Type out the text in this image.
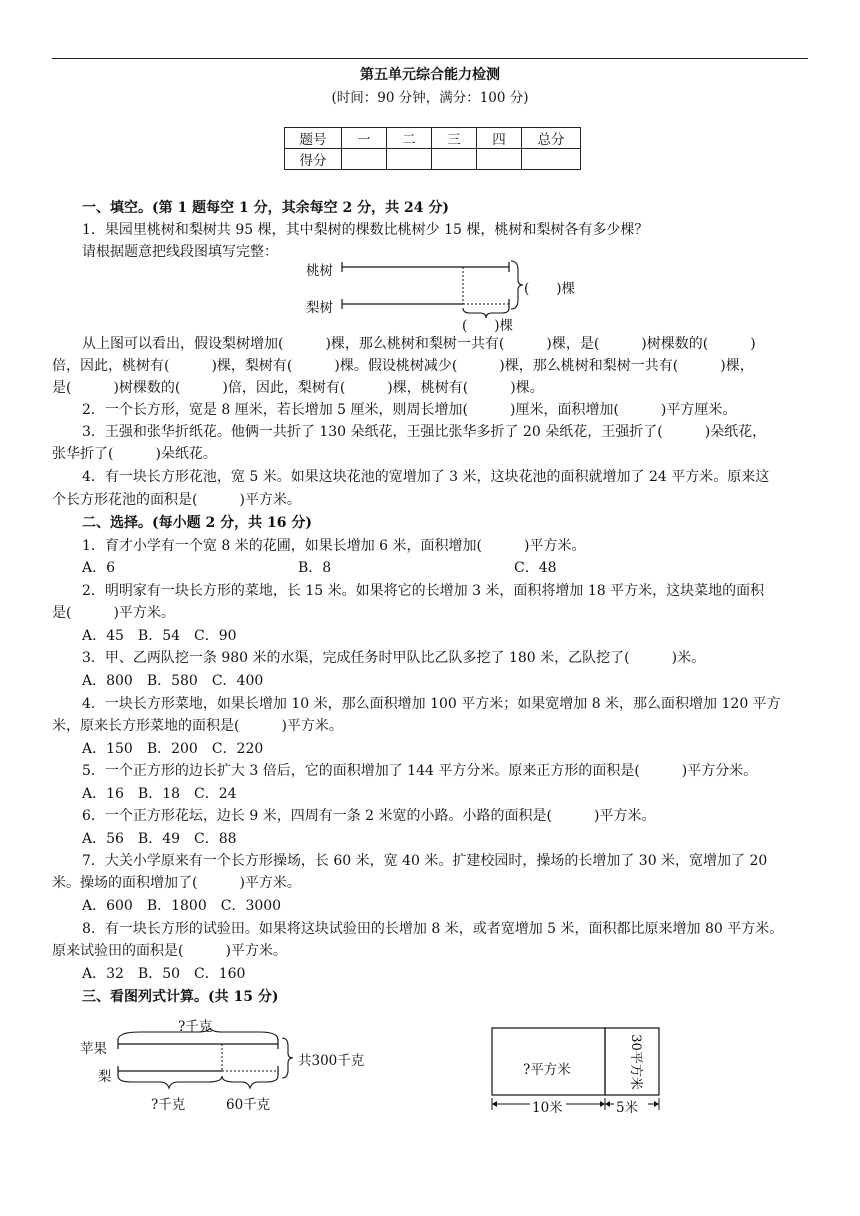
第五单元综合能力检测
(时间：90 分钟，满分：100 分)
题号	一	二	三	四	总分
得分					
一、填空。(第 1 题每空 1 分，其余每空 2 分，共 24 分)
1．果园里桃树和梨树共 95 棵，其中梨树的棵数比桃树少 15 棵，桃树和梨树各有多少棵？
请根据题意把线段图填写完整：
桃树
梨树
(　　)棵
(　　)棵
从上图可以看出，假设梨树增加(　　　)棵，那么桃树和梨树一共有(　　　)棵，是(　　　)树棵数的(　　　)
倍，因此，桃树有(　　　)棵，梨树有(　　　)棵。假设桃树减少(　　　)棵，那么桃树和梨树一共有(　　　)棵，
是(　　　)树棵数的(　　　)倍，因此，梨树有(　　　)棵，桃树有(　　　)棵。
2．一个长方形，宽是 8 厘米，若长增加 5 厘米，则周长增加(　　　)厘米，面积增加(　　　)平方厘米。
3．王强和张华折纸花。他俩一共折了 130 朵纸花，王强比张华多折了 20 朵纸花，王强折了(　　　)朵纸花，
张华折了(　　　)朵纸花。
4．有一块长方形花池，宽 5 米。如果这块花池的宽增加了 3 米，这块花池的面积就增加了 24 平方米。原来这
个长方形花池的面积是(　　　)平方米。
二、选择。(每小题 2 分，共 16 分)
1．育才小学有一个宽 8 米的花圃，如果长增加 6 米，面积增加(　　　)平方米。
A．6	B．8	C．48
2．明明家有一块长方形的菜地，长 15 米。如果将它的长增加 3 米，面积将增加 18 平方米，这块菜地的面积
是(　　　)平方米。
A．45　B．54　C．90
3．甲、乙两队挖一条 980 米的水渠，完成任务时甲队比乙队多挖了 180 米，乙队挖了(　　　)米。
A．800　B．580　C．400
4．一块长方形菜地，如果长增加 10 米，那么面积增加 100 平方米；如果宽增加 8 米，那么面积增加 120 平方
米，原来长方形菜地的面积是(　　　)平方米。
A．150　B．200　C．220
5．一个正方形的边长扩大 3 倍后，它的面积增加了 144 平方分米。原来正方形的面积是(　　　)平方分米。
A．16　B．18　C．24
6．一个正方形花坛，边长 9 米，四周有一条 2 米宽的小路。小路的面积是(　　　)平方米。
A．56　B．49　C．88
7．大关小学原来有一个长方形操场，长 60 米，宽 40 米。扩建校园时，操场的长增加了 30 米，宽增加了 20
米。操场的面积增加了(　　　)平方米。
A．600　B．1800　C．3000
8．有一块长方形的试验田。如果将这块试验田的长增加 8 米，或者宽增加 5 米，面积都比原来增加 80 平方米。
原来试验田的面积是(　　　)平方米。
A．32　B．50　C．160
三、看图列式计算。(共 15 分)
?千克
苹果
梨
共300千克
?千克	60千克
30平方米
?平方米
10米	5米
